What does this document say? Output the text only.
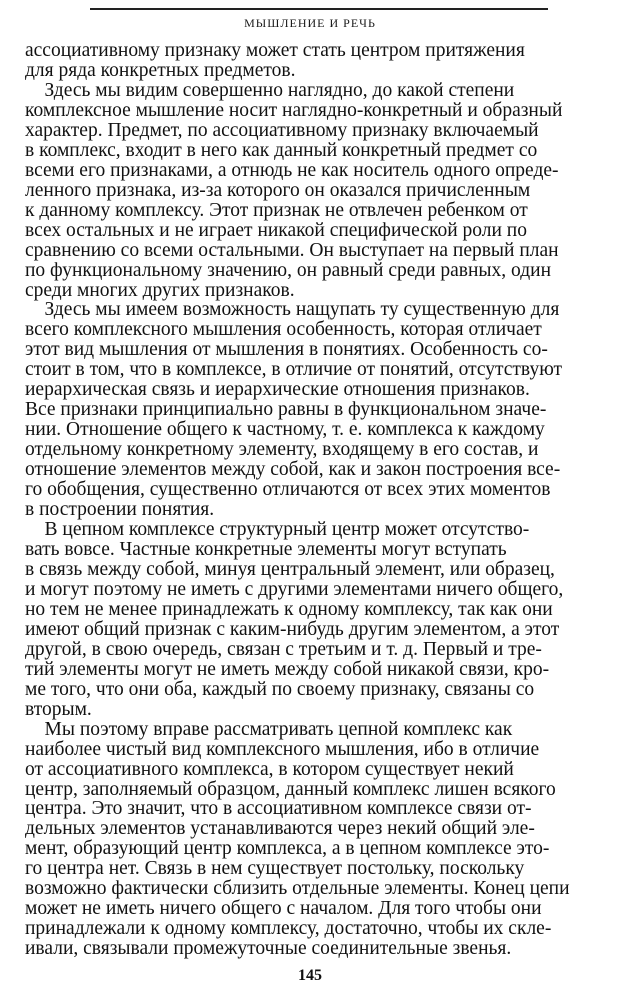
МЫШЛЕНИЕ И РЕЧЬ
ассоциативному признаку может стать центром притяжения
для ряда конкретных предметов.
Здесь мы видим совершенно наглядно, до какой степени
комплексное мышление носит наглядно-конкретный и образный
характер. Предмет, по ассоциативному признаку включаемый
в комплекс, входит в него как данный конкретный предмет со
всеми его признаками, а отнюдь не как носитель одного опреде-
ленного признака, из-за которого он оказался причисленным
к данному комплексу. Этот признак не отвлечен ребенком от
всех остальных и не играет никакой специфической роли по
сравнению со всеми остальными. Он выступает на первый план
по функциональному значению, он равный среди равных, один
среди многих других признаков.
Здесь мы имеем возможность нащупать ту существенную для
всего комплексного мышления особенность, которая отличает
этот вид мышления от мышления в понятиях. Особенность со-
стоит в том, что в комплексе, в отличие от понятий, отсутствуют
иерархическая связь и иерархические отношения признаков.
Все признаки принципиально равны в функциональном значе-
нии. Отношение общего к частному, т. е. комплекса к каждому
отдельному конкретному элементу, входящему в его состав, и
отношение элементов между собой, как и закон построения все-
го обобщения, существенно отличаются от всех этих моментов
в построении понятия.
В цепном комплексе структурный центр может отсутство-
вать вовсе. Частные конкретные элементы могут вступать
в связь между собой, минуя центральный элемент, или образец,
и могут поэтому не иметь с другими элементами ничего общего,
но тем не менее принадлежать к одному комплексу, так как они
имеют общий признак с каким-нибудь другим элементом, а этот
другой, в свою очередь, связан с третьим и т. д. Первый и тре-
тий элементы могут не иметь между собой никакой связи, кро-
ме того, что они оба, каждый по своему признаку, связаны со
вторым.
Мы поэтому вправе рассматривать цепной комплекс как
наиболее чистый вид комплексного мышления, ибо в отличие
от ассоциативного комплекса, в котором существует некий
центр, заполняемый образцом, данный комплекс лишен всякого
центра. Это значит, что в ассоциативном комплексе связи от-
дельных элементов устанавливаются через некий общий эле-
мент, образующий центр комплекса, а в цепном комплексе это-
го центра нет. Связь в нем существует постольку, поскольку
возможно фактически сблизить отдельные элементы. Конец цепи
может не иметь ничего общего с началом. Для того чтобы они
принадлежали к одному комплексу, достаточно, чтобы их скле-
ивали, связывали промежуточные соединительные звенья.
145
